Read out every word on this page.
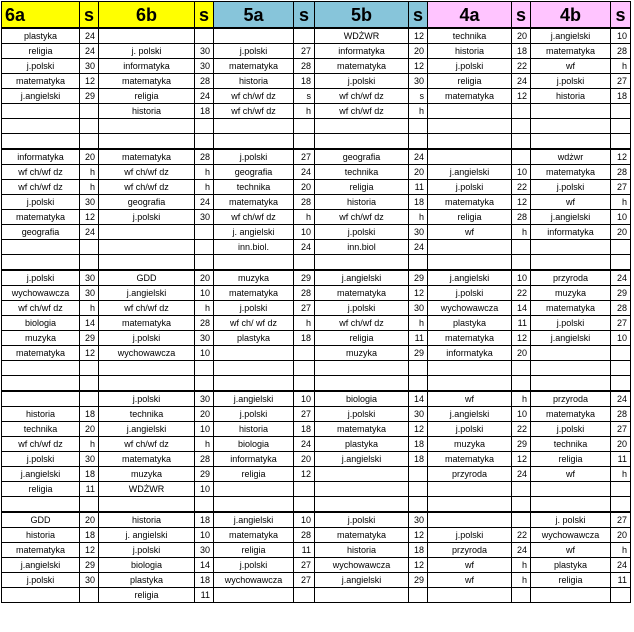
6a	s	6b	s	5a	s	5b	s	4a	s	4b	s
plastyka	24					WDŻWR	12	technika	20	j.angielski	10
religia	24	j. polski	30	j.polski	27	informatyka	20	historia	18	matematyka	28
j.polski	30	informatyka	30	matematyka	28	matematyka	12	j.polski	22	wf	h
matematyka	12	matematyka	28	historia	18	j.polski	30	religia	24	j.polski	27
j.angielski	29	religia	24	wf ch/wf dz	s	wf ch/wf dz	s	matematyka	12	historia	18
		historia	18	wf ch/wf dz	h	wf ch/wf dz	h				

informatyka	20	matematyka	28	j.polski	27	geografia	24			wdżwr	12
wf ch/wf dz	h	wf ch/wf dz	h	geografia	24	technika	20	j.angielski	10	matematyka	28
wf ch/wf dz	h	wf ch/wf dz	h	technika	20	religia	11	j.polski	22	j.polski	27
j.polski	30	geografia	24	matematyka	28	historia	18	matematyka	12	wf	h
matematyka	12	j.polski	30	wf ch/wf dz	h	wf ch/wf dz	h	religia	28	j.angielski	10
geografia	24			j. angielski	10	j.polski	30	wf	h	informatyka	20
				inn.biol.	24	inn.biol	24				

j.polski	30	GDD	20	muzyka	29	j.angielski	29	j.angielski	10	przyroda	24
wychowawcza	30	j.angielski	10	matematyka	28	matematyka	12	j.polski	22	muzyka	29
wf ch/wf dz	h	wf ch/wf dz	h	j.polski	27	j.polski	30	wychowawcza	14	matematyka	28
biologia	14	matematyka	28	wf ch/ wf dz	h	wf ch/wf dz	h	plastyka	11	j.polski	27
muzyka	29	j.polski	30	plastyka	18	religia	11	matematyka	12	j.angielski	10
matematyka	12	wychowawcza	10			muzyka	29	informatyka	20		

		j.polski	30	j.angielski	10	biologia	14	wf	h	przyroda	24
historia	18	technika	20	j.polski	27	j.polski	30	j.angielski	10	matematyka	28
technika	20	j.angielski	10	historia	18	matematyka	12	j.polski	22	j.polski	27
wf ch/wf dz	h	wf ch/wf dz	h	biologia	24	plastyka	18	muzyka	29	technika	20
j.polski	30	matematyka	28	informatyka	20	j.angielski	18	matematyka	12	religia	11
j.angielski	18	muzyka	29	religia	12			przyroda	24	wf	h
religia	11	WDŻWR	10								

GDD	20	historia	18	j.angielski	10	j.polski	30			j. polski	27
historia	18	j. angielski	10	matematyka	28	matematyka	12	j.polski	22	wychowawcza	20
matematyka	12	j.polski	30	religia	11	historia	18	przyroda	24	wf	h
j.angielski	29	biologia	14	j.polski	27	wychowawcza	12	wf	h	plastyka	24
j.polski	30	plastyka	18	wychowawcza	27	j.angielski	29	wf	h	religia	11
		religia	11								
